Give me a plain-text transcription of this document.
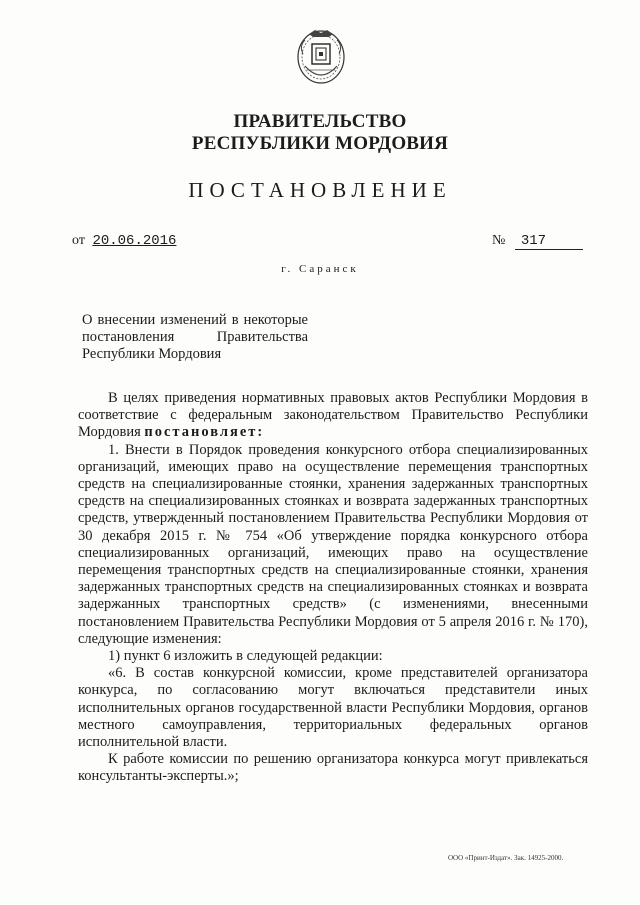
ПРАВИТЕЛЬСТВО
РЕСПУБЛИКИ МОРДОВИЯ
ПОСТАНОВЛЕНИЕ
от 20.06.2016	№ 317
г. Саранск
О внесении изменений в некоторые постановления Правительства Республики Мордовия

В целях приведения нормативных правовых актов Республики Мордовия в соответствие с федеральным законодательством Правительство Республики Мордовия постановляет:

1. Внести в Порядок проведения конкурсного отбора специализированных организаций, имеющих право на осуществление перемещения транспортных средств на специализированные стоянки, хранения задержанных транспортных средств на специализированных стоянках и возврата задержанных транспортных средств, утвержденный постановлением Правительства Республики Мордовия от 30 декабря 2015 г. № 754 «Об утверждение порядка конкурсного отбора специализированных организаций, имеющих право на осуществление перемещения транспортных средств на специализированные стоянки, хранения задержанных транспортных средств на специализированных стоянках и возврата задержанных транспортных средств» (с изменениями, внесенными постановлением Правительства Республики Мордовия от 5 апреля 2016 г. № 170), следующие изменения:

1) пункт 6 изложить в следующей редакции:

«6. В состав конкурсной комиссии, кроме представителей организатора конкурса, по согласованию могут включаться представители иных исполнительных органов государственной власти Республики Мордовия, органов местного самоуправления, территориальных федеральных органов исполнительной власти.

К работе комиссии по решению организатора конкурса могут привлекаться консультанты-эксперты.»;

ООО «Принт-Издат». Зак. 14925-2000.
